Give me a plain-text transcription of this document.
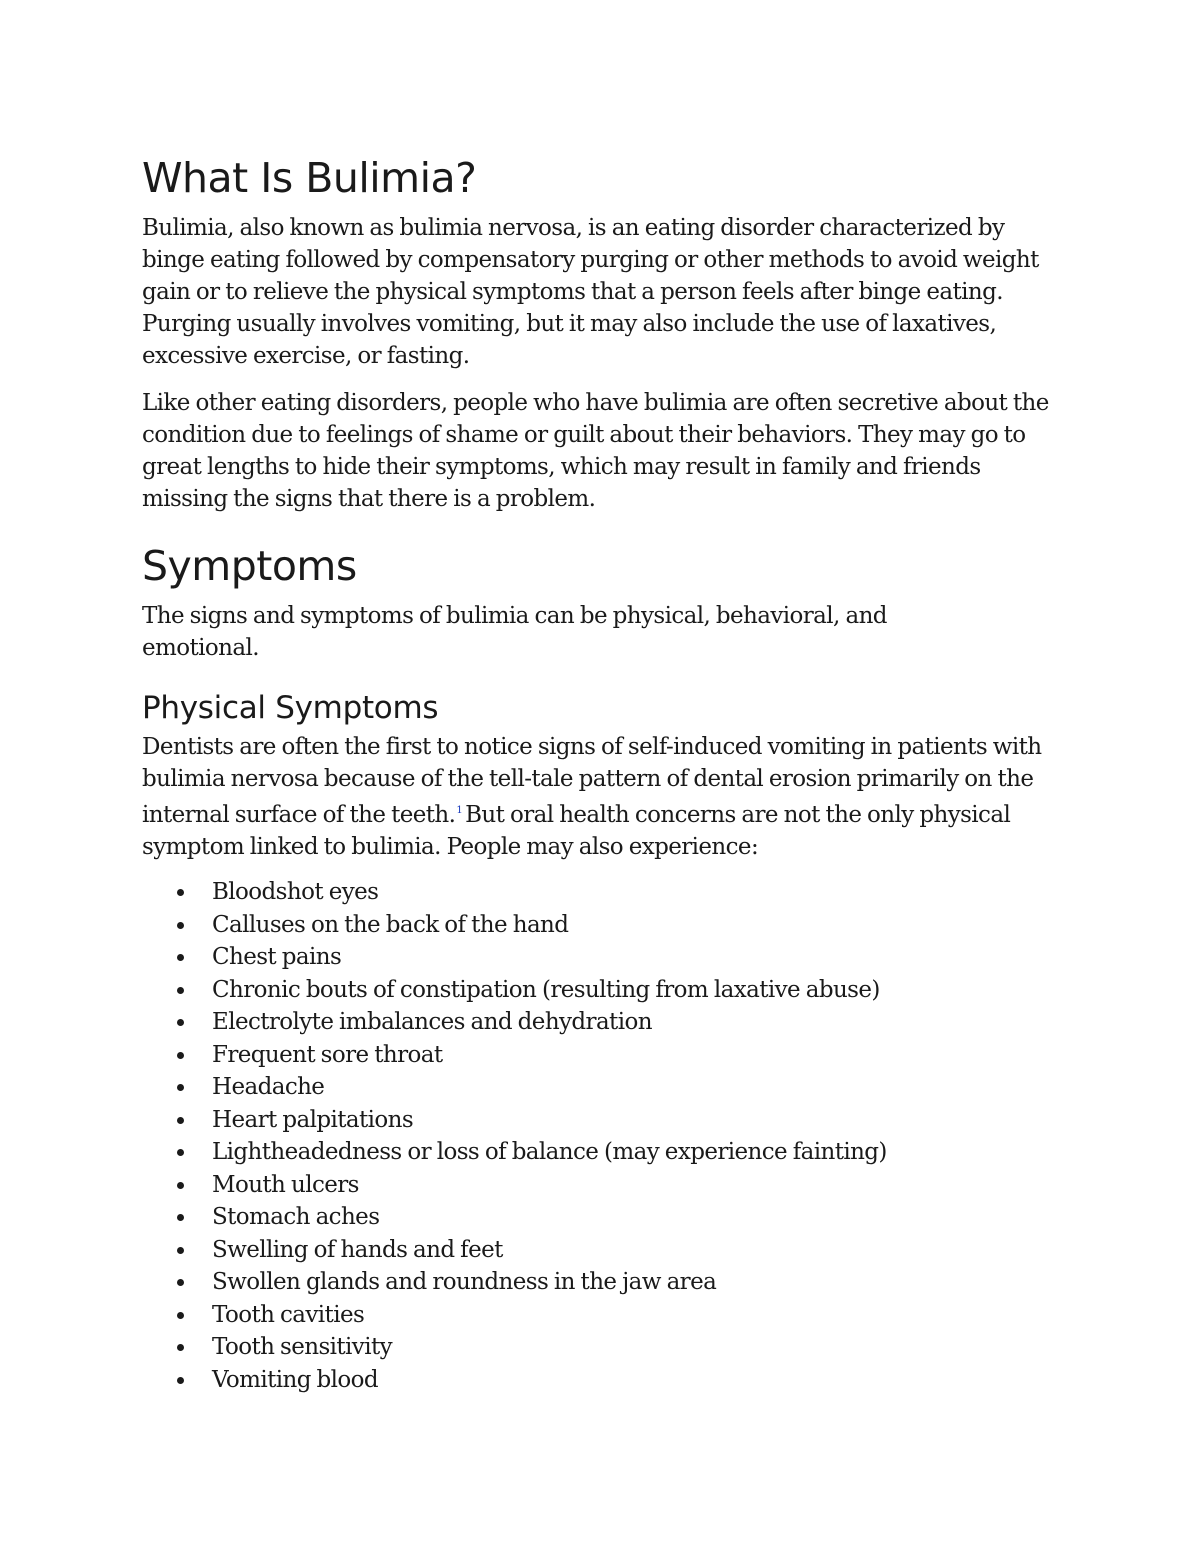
What Is Bulimia?

Bulimia, also known as bulimia nervosa, is an eating disorder characterized by binge eating followed by compensatory purging or other methods to avoid weight gain or to relieve the physical symptoms that a person feels after binge eating. Purging usually involves vomiting, but it may also include the use of laxatives, excessive exercise, or fasting.

Like other eating disorders, people who have bulimia are often secretive about the condition due to feelings of shame or guilt about their behaviors. They may go to great lengths to hide their symptoms, which may result in family and friends missing the signs that there is a problem.

Symptoms

The signs and symptoms of bulimia can be physical, behavioral, and emotional.

Physical Symptoms

Dentists are often the first to notice signs of self-induced vomiting in patients with bulimia nervosa because of the tell-tale pattern of dental erosion primarily on the internal surface of the teeth.$^1$ But oral health concerns are not the only physical symptom linked to bulimia. People may also experience:

Bloodshot eyes
Calluses on the back of the hand
Chest pains
Chronic bouts of constipation (resulting from laxative abuse)
Electrolyte imbalances and dehydration
Frequent sore throat
Headache
Heart palpitations
Lightheadedness or loss of balance (may experience fainting)
Mouth ulcers
Stomach aches
Swelling of hands and feet
Swollen glands and roundness in the jaw area
Tooth cavities
Tooth sensitivity
Vomiting blood
